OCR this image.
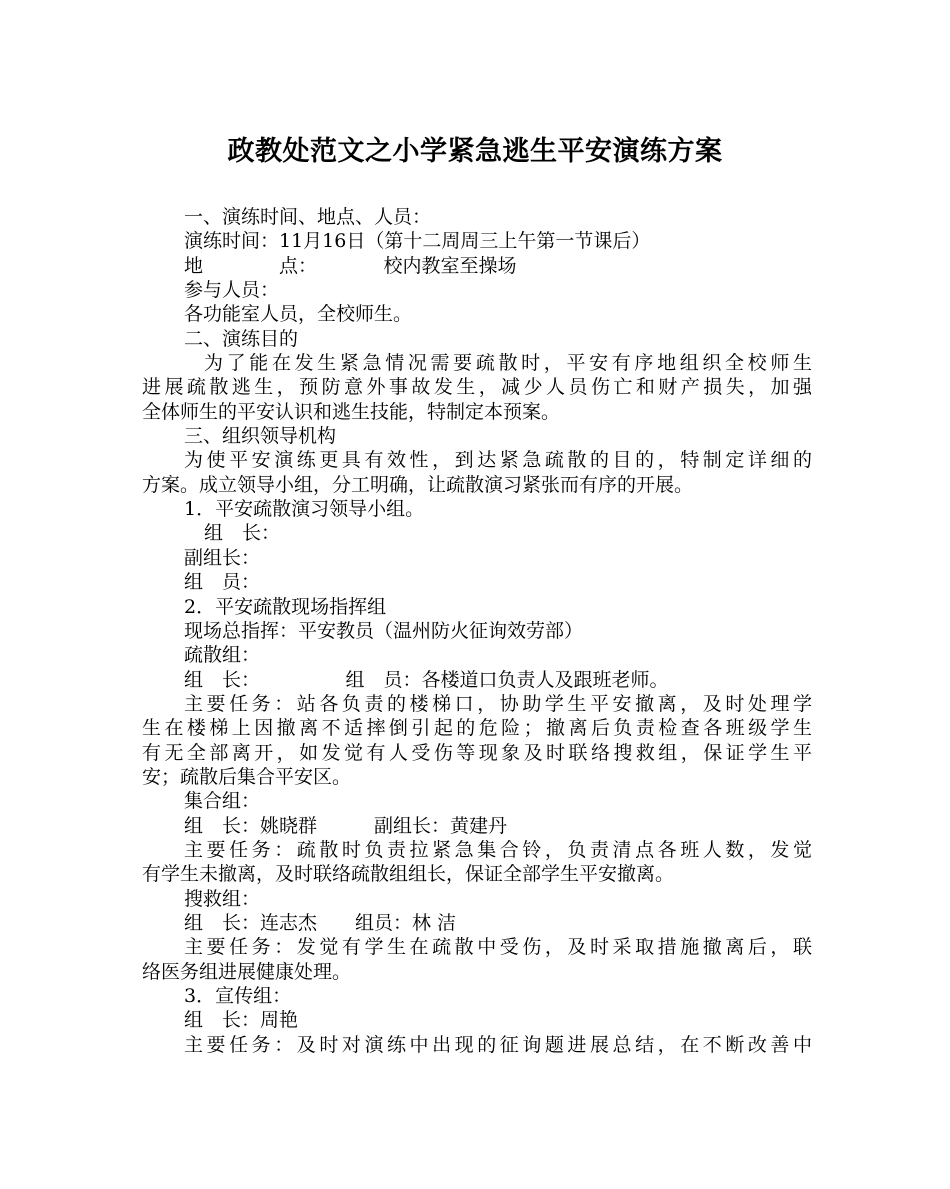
政教处范文之小学紧急逃生平安演练方案
一、演练时间、地点、人员：
演练时间：11月16日（第十二周周三上午第一节课后）
地　　　　点：　　　　校内教室至操场
参与人员：
各功能室人员，全校师生。
二、演练目的
为了能在发生紧急情况需要疏散时，平安有序地组织全校师生
进展疏散逃生，预防意外事故发生，减少人员伤亡和财产损失，加强
全体师生的平安认识和逃生技能，特制定本预案。
三、组织领导机构
为使平安演练更具有效性，到达紧急疏散的目的，特制定详细的
方案。成立领导小组，分工明确，让疏散演习紧张而有序的开展。
1．平安疏散演习领导小组。
组　长：
副组长：
组　员：
2．平安疏散现场指挥组
现场总指挥：平安教员（温州防火征询效劳部）
疏散组：
组　长：　　　　　组　员：各楼道口负责人及跟班老师。
主要任务：站各负责的楼梯口，协助学生平安撤离，及时处理学
生在楼梯上因撤离不适摔倒引起的危险；撤离后负责检查各班级学生
有无全部离开，如发觉有人受伤等现象及时联络搜救组，保证学生平
安；疏散后集合平安区。
集合组：
组　长：姚晓群　　　副组长：黄建丹
主要任务：疏散时负责拉紧急集合铃，负责清点各班人数，发觉
有学生未撤离，及时联络疏散组组长，保证全部学生平安撤离。
搜救组：
组　长：连志杰　　组员：林 洁
主要任务：发觉有学生在疏散中受伤，及时采取措施撤离后，联
络医务组进展健康处理。
3．宣传组：
组　长：周艳
主要任务：及时对演练中出现的征询题进展总结，在不断改善中
